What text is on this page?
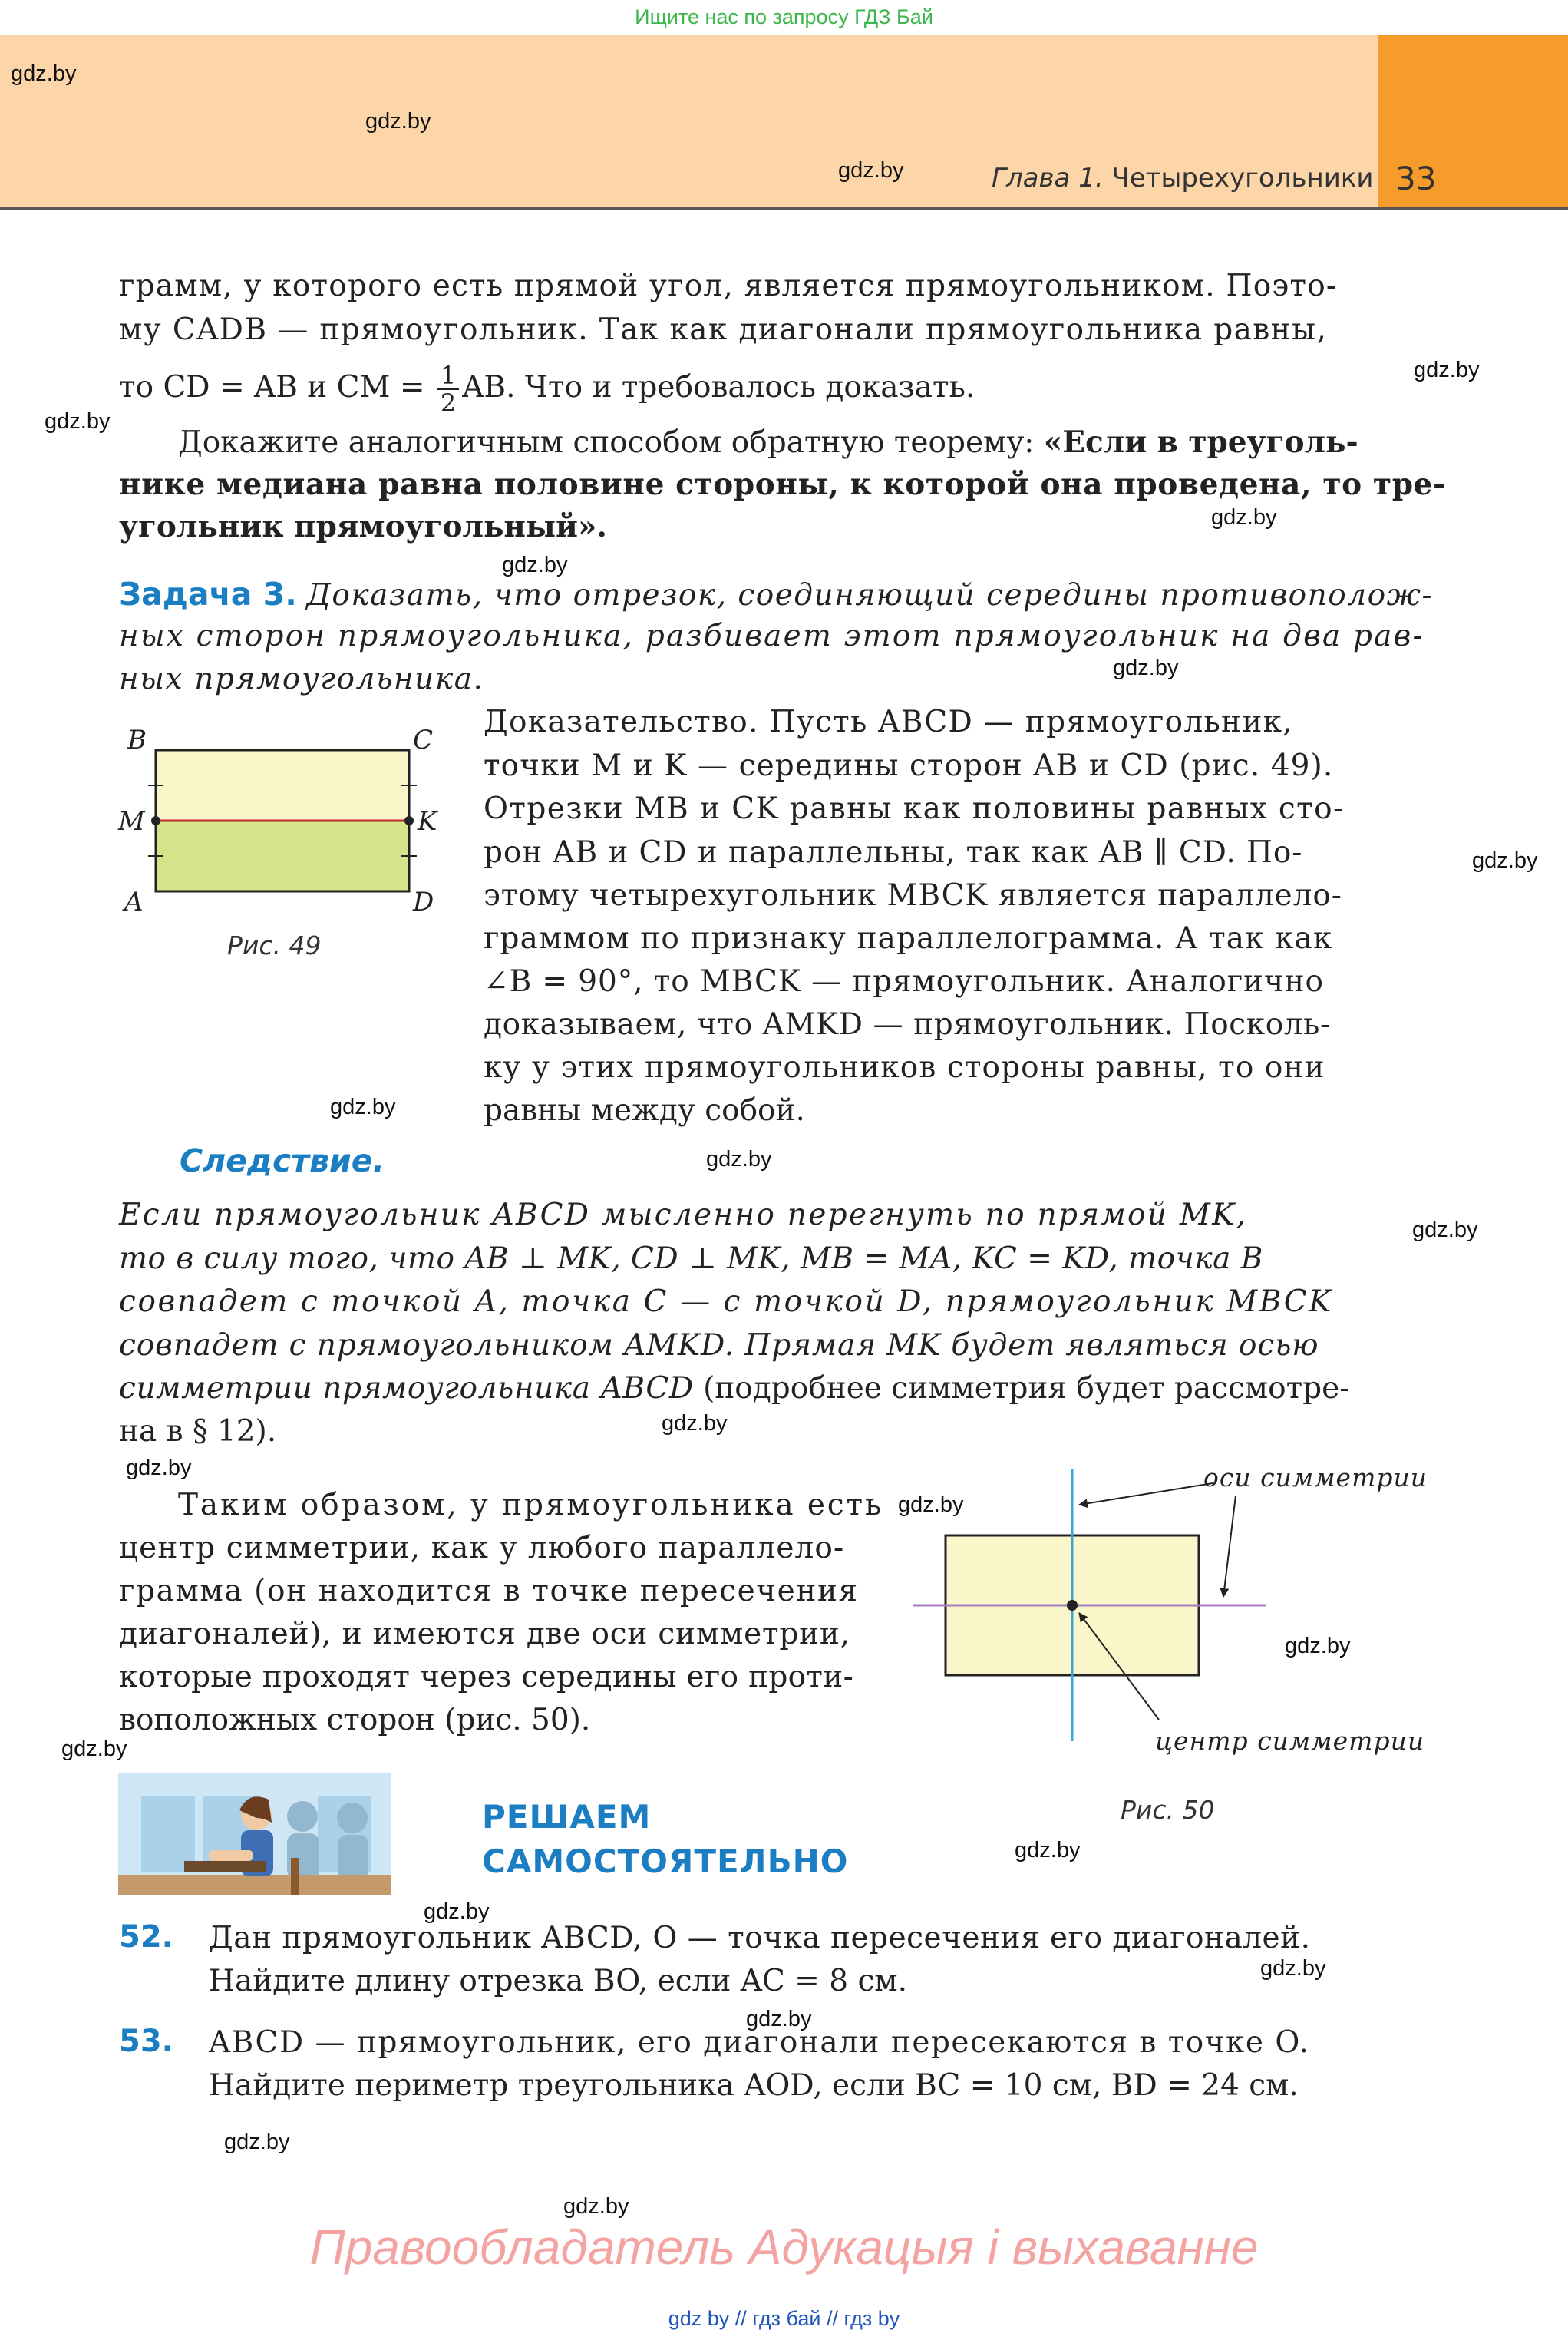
Ищите нас по запросу ГДЗ Бай
Глава 1. Четырехугольники 33
gdz.by
gdz.by
gdz.by
gdz.by
gdz.by
gdz.by
gdz.by
gdz.by
gdz.by
gdz.by
gdz.by
gdz.by
gdz.by
gdz.by
gdz.by
gdz.by
gdz.by
gdz.by
gdz.by
gdz.by
gdz.by
gdz.by
gdz.by
грамм, у которого есть прямой угол, является прямоугольником. Поэто-
му CADB — прямоугольник. Так как диагонали прямоугольника равны,
то CD = AB и CM = $\frac{1}{2}$ AB. Что и требовалось доказать.
Докажите аналогичным способом обратную теорему: «Если в треуголь-
нике медиана равна половине стороны, к которой она проведена, то тре-
угольник прямоугольный».
Задача 3. Доказать, что отрезок, соединяющий середины противополож-
ных сторон прямоугольника, разбивает этот прямоугольник на два рав-
ных прямоугольника.
B	C
M	K
A	D
Рис. 49
Доказательство. Пусть ABCD — прямоугольник,
точки M и K — середины сторон AB и CD (рис. 49).
Отрезки MB и CK равны как половины равных сто-
рон AB и CD и параллельны, так как AB ∥ CD. По-
этому четырехугольник MBCK является параллело-
граммом по признаку параллелограмма. А так как
∠B = 90°, то MBCK — прямоугольник. Аналогично
доказываем, что AMKD — прямоугольник. Посколь-
ку у этих прямоугольников стороны равны, то они
равны между собой.
Следствие.
Если прямоугольник ABCD мысленно перегнуть по прямой MK,
то в силу того, что AB ⊥ MK, CD ⊥ MK, MB = MA, KC = KD, точка B
совпадет с точкой A, точка C — с точкой D, прямоугольник MBCK
совпадет с прямоугольником AMKD. Прямая MK будет являться осью
симметрии прямоугольника ABCD (подробнее симметрия будет рассмотре-
на в § 12).
Таким образом, у прямоугольника есть
центр симметрии, как у любого параллело-
грамма (он находится в точке пересечения
диагоналей), и имеются две оси симметрии,
которые проходят через середины его проти-
воположных сторон (рис. 50).
оси симметрии
центр симметрии
Рис. 50
РЕШАЕМ
САМОСТОЯТЕЛЬНО
52. Дан прямоугольник ABCD, O — точка пересечения его диагоналей.
Найдите длину отрезка BO, если AC = 8 см.
53. ABCD — прямоугольник, его диагонали пересекаются в точке O.
Найдите периметр треугольника AOD, если BC = 10 см, BD = 24 см.
Правообладатель Адукацыя і выхаванне
gdz by // гдз бай // гдз by
